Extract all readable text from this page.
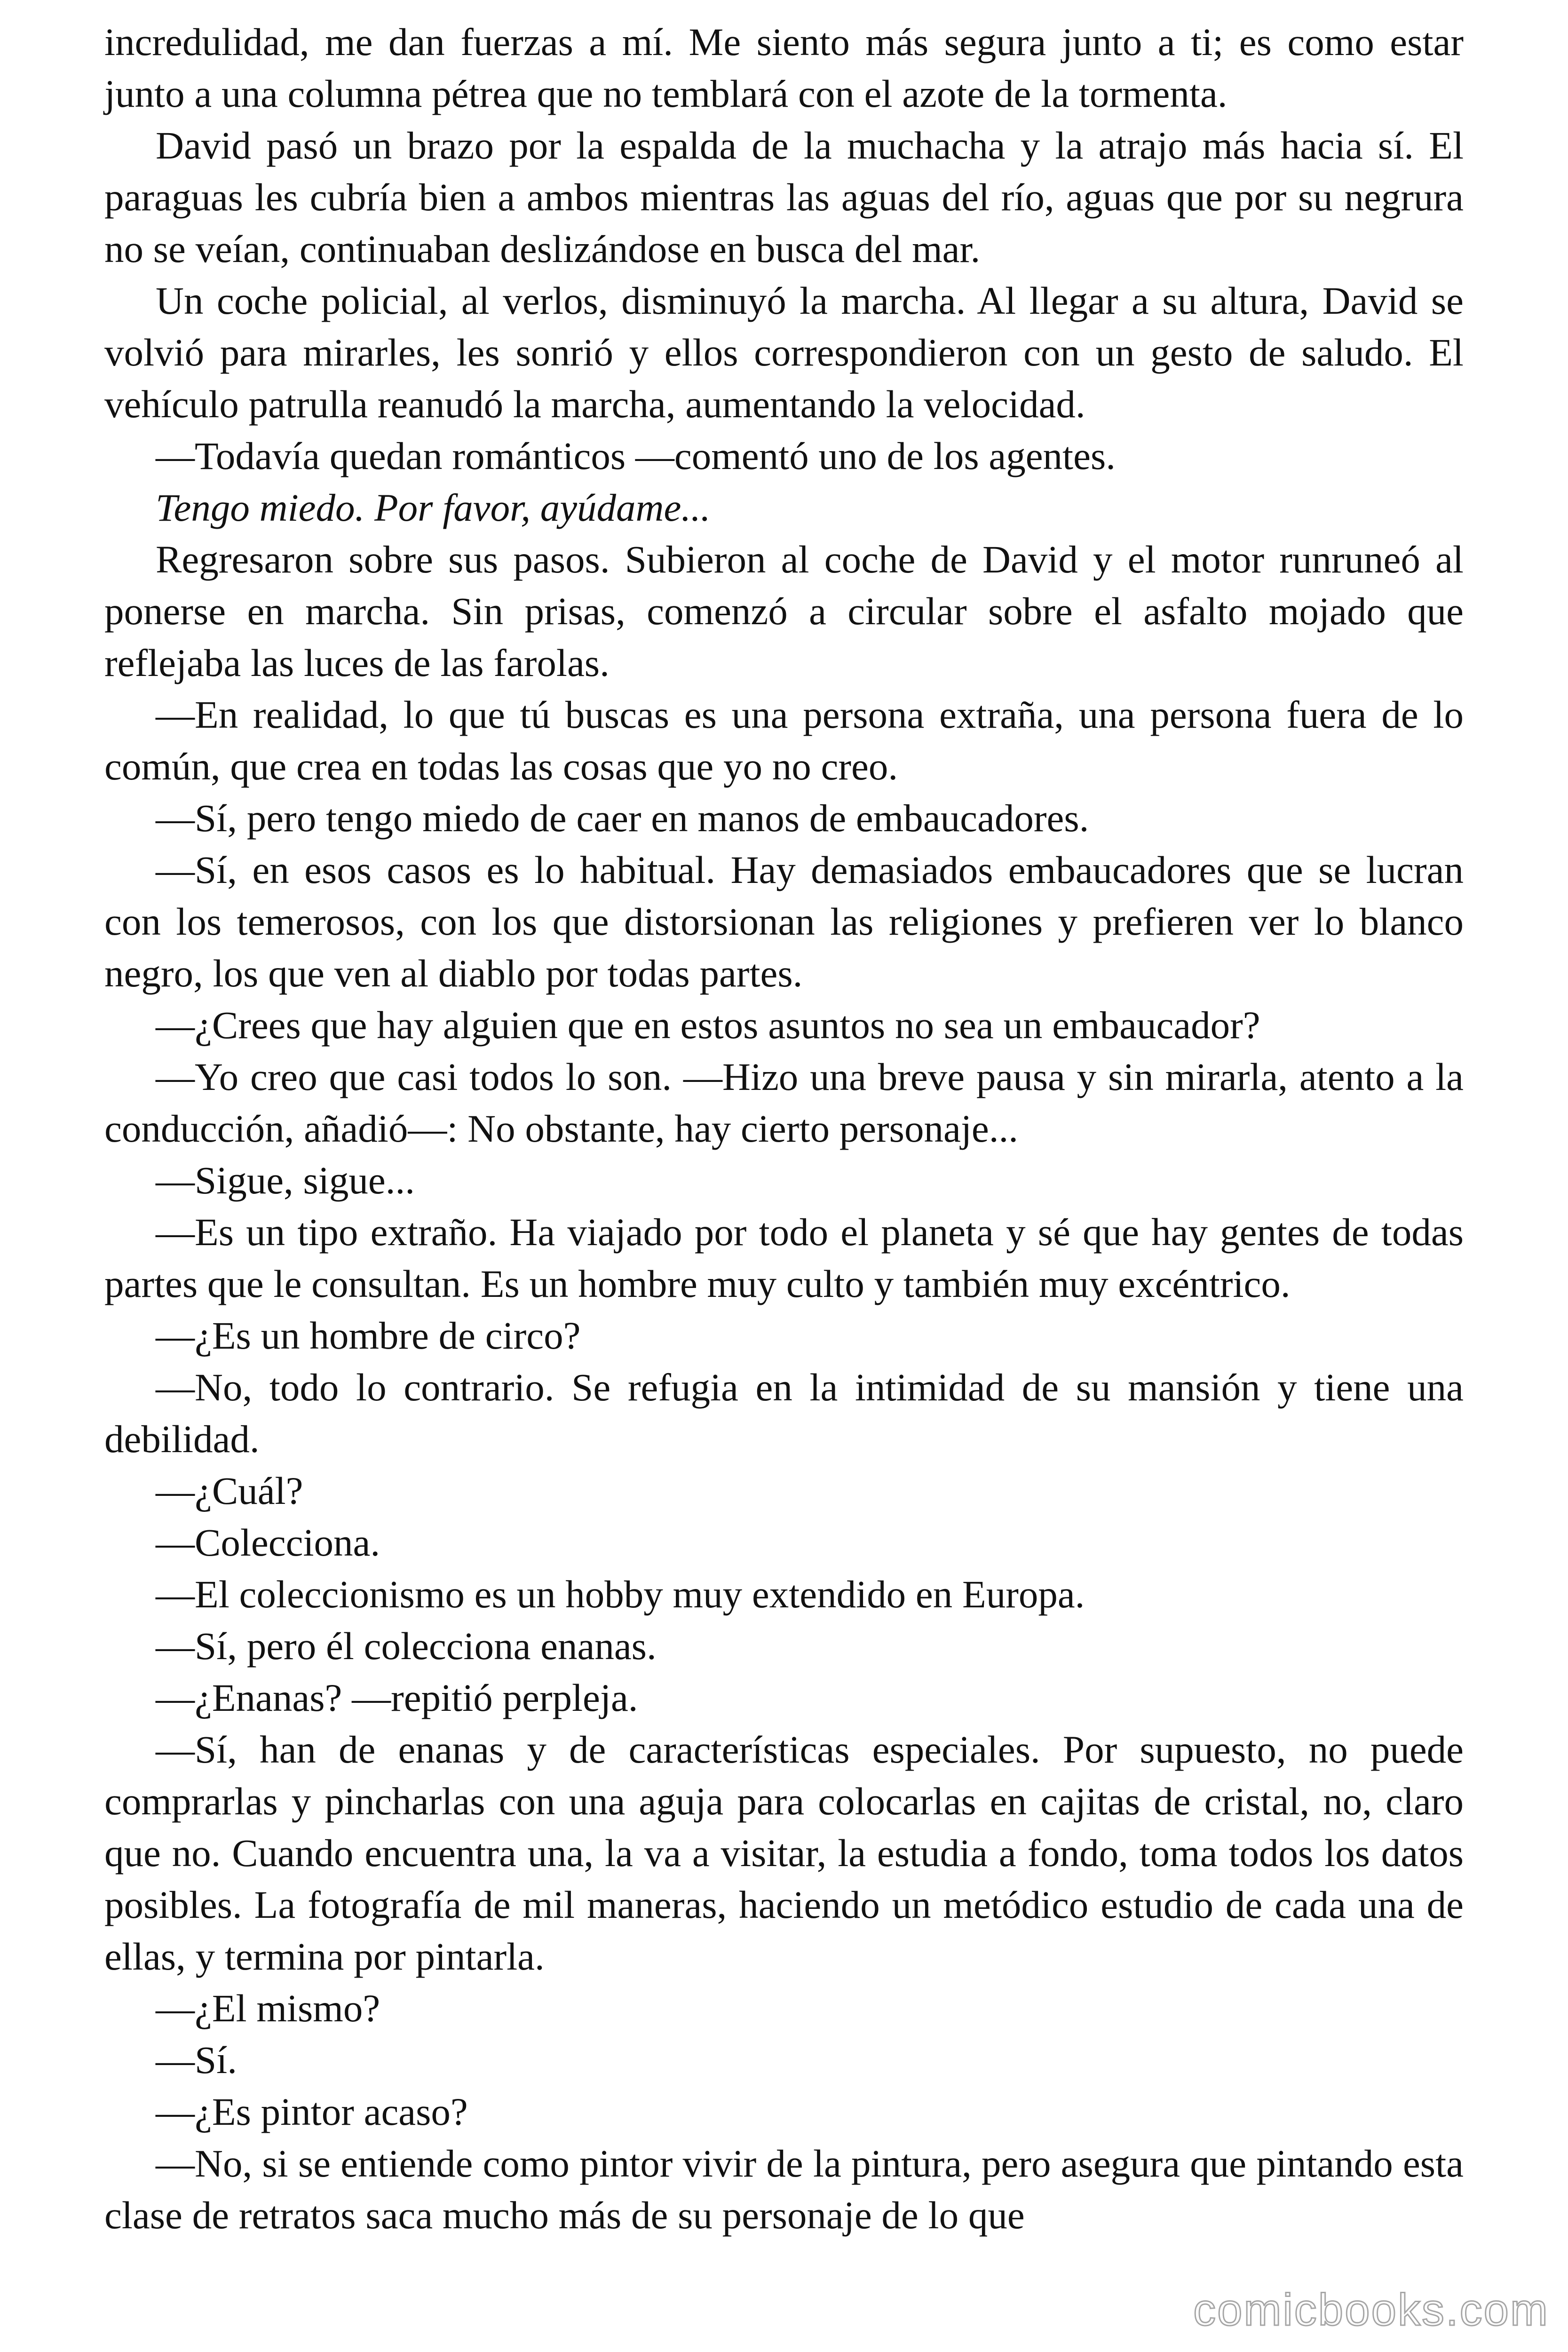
incredulidad, me dan fuerzas a mí. Me siento más segura junto a ti; es como estar junto a una columna pétrea que no temblará con el azote de la tormenta.

David pasó un brazo por la espalda de la muchacha y la atrajo más hacia sí. El paraguas les cubría bien a ambos mientras las aguas del río, aguas que por su negrura no se veían, continuaban deslizándose en busca del mar.

Un coche policial, al verlos, disminuyó la marcha. Al llegar a su altura, David se volvió para mirarles, les sonrió y ellos correspondieron con un gesto de saludo. El vehículo patrulla reanudó la marcha, aumentando la velocidad.

—Todavía quedan románticos —comentó uno de los agentes.

Tengo miedo. Por favor, ayúdame...

Regresaron sobre sus pasos. Subieron al coche de David y el motor runruneó al ponerse en marcha. Sin prisas, comenzó a circular sobre el asfalto mojado que reflejaba las luces de las farolas.

—En realidad, lo que tú buscas es una persona extraña, una persona fuera de lo común, que crea en todas las cosas que yo no creo.

—Sí, pero tengo miedo de caer en manos de embaucadores.

—Sí, en esos casos es lo habitual. Hay demasiados embaucadores que se lucran con los temerosos, con los que distorsionan las religiones y prefieren ver lo blanco negro, los que ven al diablo por todas partes.

—¿Crees que hay alguien que en estos asuntos no sea un embaucador?

—Yo creo que casi todos lo son. —Hizo una breve pausa y sin mirarla, atento a la conducción, añadió—: No obstante, hay cierto personaje...

—Sigue, sigue...

—Es un tipo extraño. Ha viajado por todo el planeta y sé que hay gentes de todas partes que le consultan. Es un hombre muy culto y también muy excéntrico.

—¿Es un hombre de circo?

—No, todo lo contrario. Se refugia en la intimidad de su mansión y tiene una debilidad.

—¿Cuál?

—Colecciona.

—El coleccionismo es un hobby muy extendido en Europa.

—Sí, pero él colecciona enanas.

—¿Enanas? —repitió perpleja.

—Sí, han de enanas y de características especiales. Por supuesto, no puede comprarlas y pincharlas con una aguja para colocarlas en cajitas de cristal, no, claro que no. Cuando encuentra una, la va a visitar, la estudia a fondo, toma todos los datos posibles. La fotografía de mil maneras, haciendo un metódico estudio de cada una de ellas, y termina por pintarla.

—¿El mismo?

—Sí.

—¿Es pintor acaso?

—No, si se entiende como pintor vivir de la pintura, pero asegura que pintando esta clase de retratos saca mucho más de su personaje de lo que

comicbooks.com
